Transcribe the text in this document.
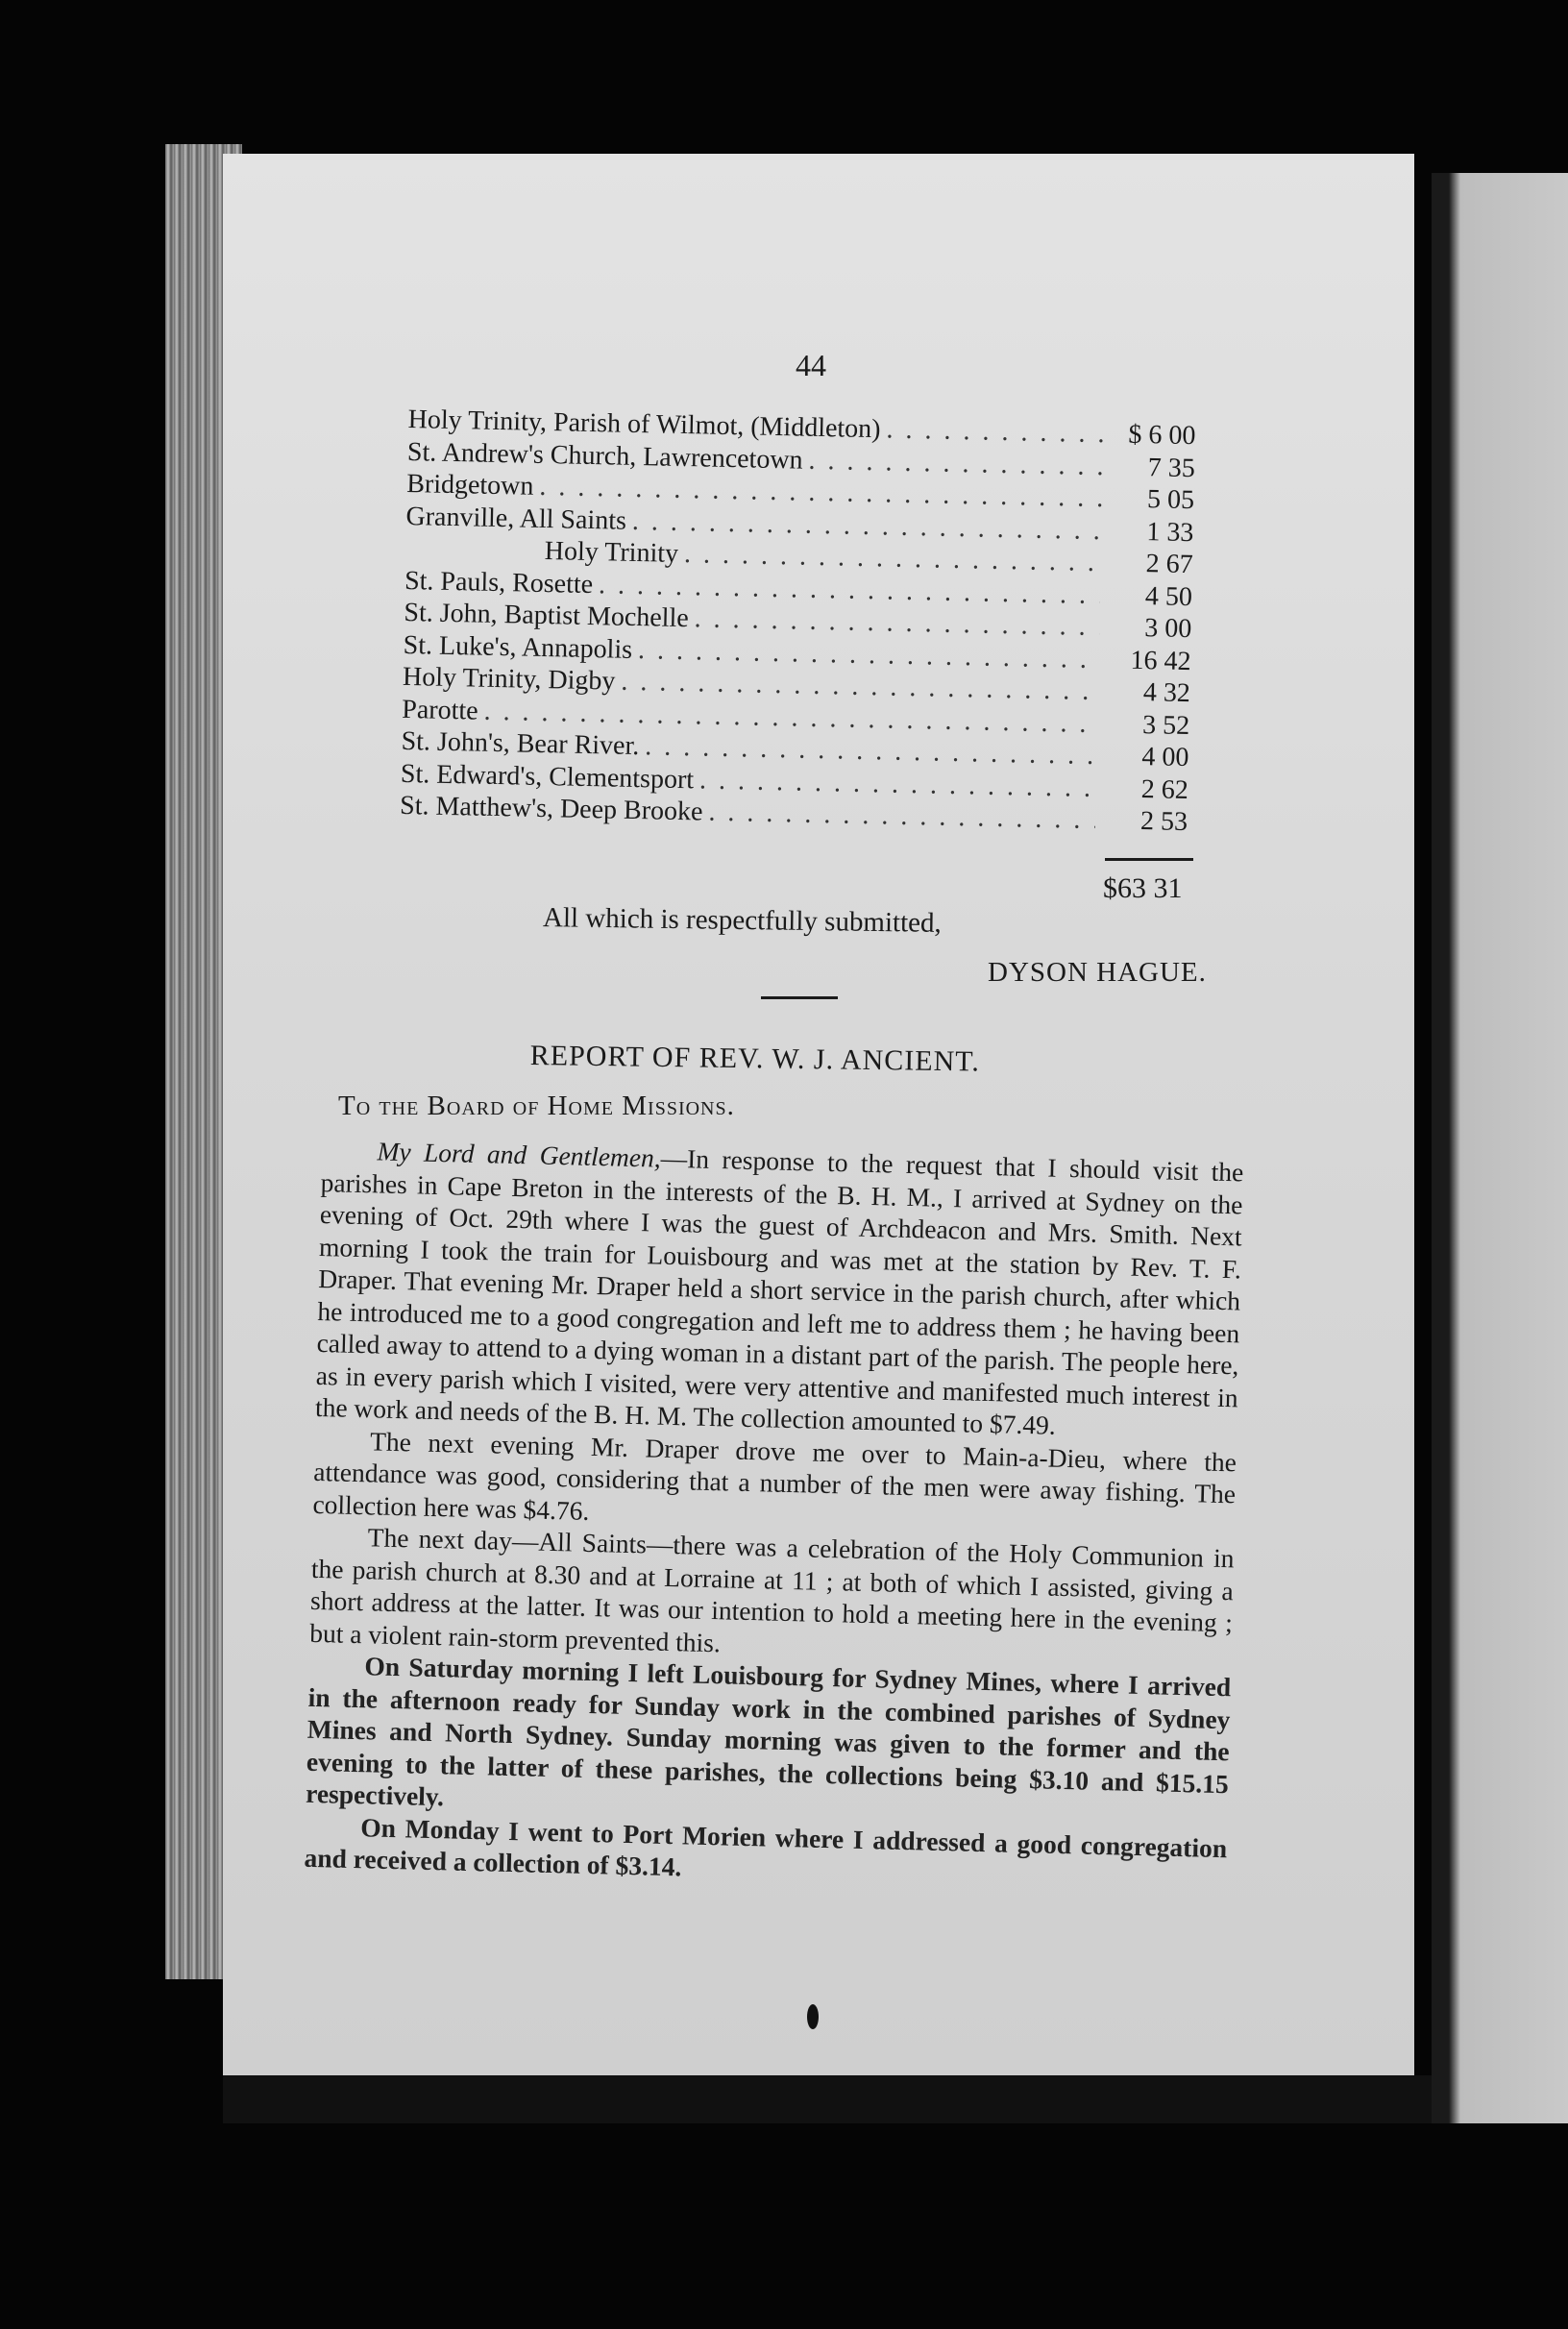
44
Holy Trinity, Parish of Wilmot, (Middleton) . . .	$ 6 00
St. Andrew's Church, Lawrencetown . . .	7 35
Bridgetown . . .	5 05
Granville, All Saints . . .	1 33
Holy Trinity . . .	2 67
St. Pauls, Rosette . . .	4 50
St. John, Baptist Mochelle . . .	3 00
St. Luke's, Annapolis . . .	16 42
Holy Trinity, Digby . . .	4 32
Parotte . . .	3 52
St. John's, Bear River. . . .	4 00
St. Edward's, Clementsport . . .	2 62
St. Matthew's, Deep Brooke . . .	2 53
$63 31
All which is respectfully submitted,
DYSON HAGUE.
REPORT OF REV. W. J. ANCIENT.
To the Board of Home Missions.

My Lord and Gentlemen,—In response to the request that I should visit the parishes in Cape Breton in the interests of the B. H. M., I arrived at Sydney on the evening of Oct. 29th where I was the guest of Archdeacon and Mrs. Smith. Next morning I took the train for Louisbourg and was met at the station by Rev. T. F. Draper. That evening Mr. Draper held a short service in the parish church, after which he introduced me to a good congregation and left me to address them ; he having been called away to attend to a dying woman in a distant part of the parish. The people here, as in every parish which I visited, were very attentive and manifested much interest in the work and needs of the B. H. M. The collection amounted to $7.49.

The next evening Mr. Draper drove me over to Main-a-Dieu, where the attendance was good, considering that a number of the men were away fishing. The collection here was $4.76.

The next day—All Saints—there was a celebration of the Holy Communion in the parish church at 8.30 and at Lorraine at 11 ; at both of which I assisted, giving a short address at the latter. It was our intention to hold a meeting here in the evening ; but a violent rain-storm prevented this.

On Saturday morning I left Louisbourg for Sydney Mines, where I arrived in the afternoon ready for Sunday work in the combined parishes of Sydney Mines and North Sydney. Sunday morning was given to the former and the evening to the latter of these parishes, the collections being $3.10 and $15.15 respectively.

On Monday I went to Port Morien where I addressed a good congregation and received a collection of $3.14.
